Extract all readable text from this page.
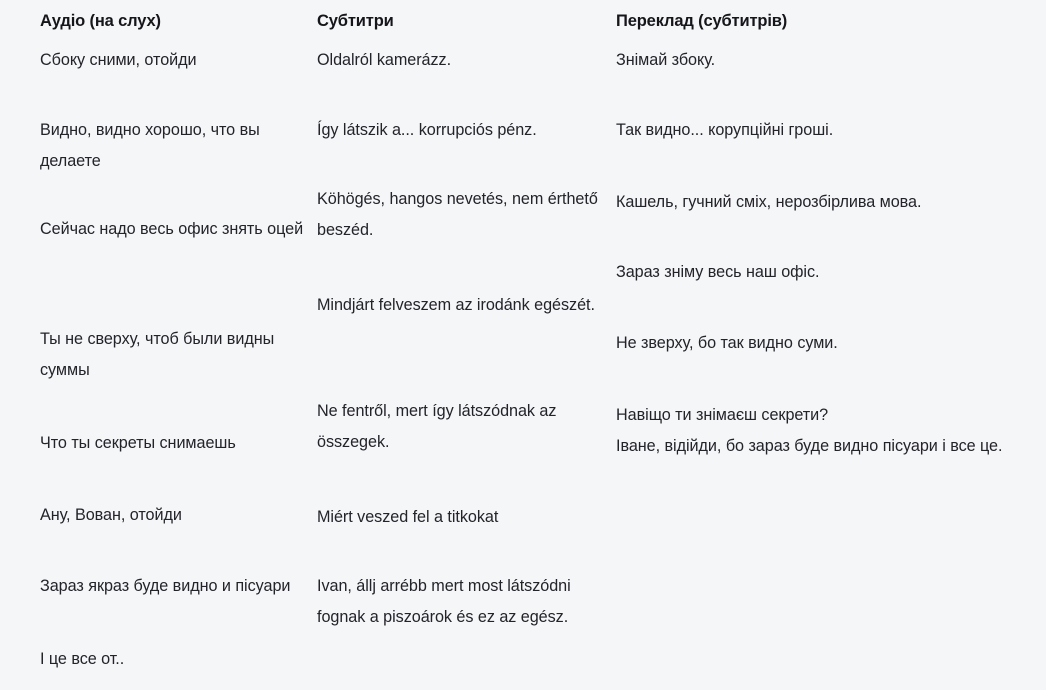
Аудіо (на слух)
Сбоку сними, отойди
Видно, видно хорошо, что вы делаете
Сейчас надо весь офис знять оцей
Ты не сверху, чтоб были видны суммы
Что ты секреты снимаешь
Ану, Вован, отойди
Зараз якраз буде видно и пісуари
І це все от..
Субтитри
Oldalról kamerázz.
Így látszik a... korrupciós pénz.
Köhögés, hangos nevetés, nem érthető beszéd.
Mindjárt felveszem az irodánk egészét.
Ne fentről, mert így látszódnak az összegek.
Miért veszed fel a titkokat
Ivan, állj arrébb mert most látszódni fognak a piszoárok és ez az egész.
Переклад (субтитрів)
Знімай збоку.
Так видно... корупційні гроші.
Кашель, гучний сміх, нерозбірлива мова.
Зараз зніму весь наш офіс.
Не зверху, бо так видно суми.
Навіщо ти знімаєш секрети?
Іване, відійди, бо зараз буде видно пісуари і все це.
